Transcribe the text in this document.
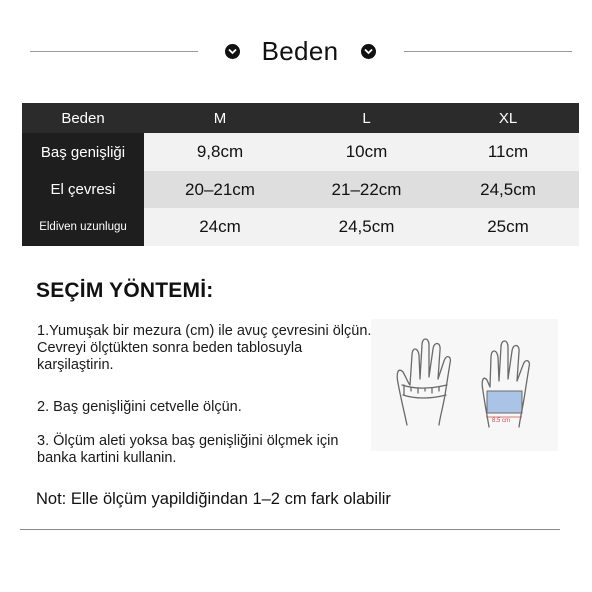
Beden
Beden	M	L	XL
Baş genişliği	9,8cm	10cm	11cm
El çevresi	20–21cm	21–22cm	24,5cm
Eldiven uzunlugu	24cm	24,5cm	25cm
SEÇİM YÖNTEMİ:
1.Yumuşak bir mezura (cm) ile avuç çevresini ölçün. Cevreyi ölçtükten sonra beden tablosuyla karşilaştirin.
2. Baş genişliğini cetvelle ölçün.
3. Ölçüm aleti yoksa baş genişliğini ölçmek için banka kartini kullanin.
Not: Elle ölçüm yapildiğindan 1–2 cm fark olabilir
8.5 cm
